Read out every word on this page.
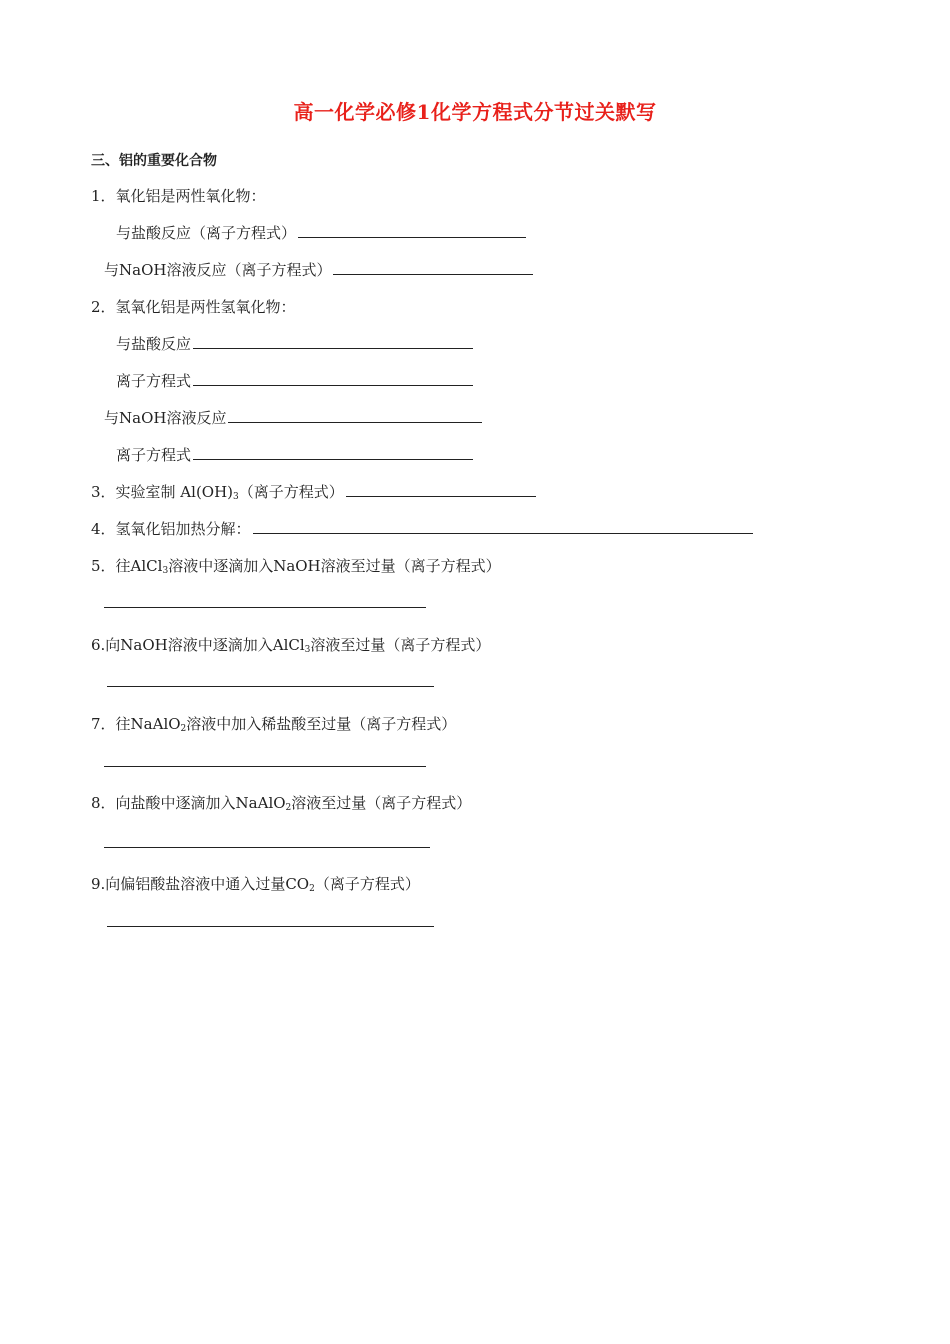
高一化学必修1化学方程式分节过关默写
三、铝的重要化合物
1．氧化铝是两性氧化物：
与盐酸反应（离子方程式）
与NaOH溶液反应（离子方程式）
2．氢氧化铝是两性氢氧化物：
与盐酸反应
离子方程式
与NaOH溶液反应
离子方程式
3．实验室制 $Al(OH)_3$（离子方程式）
4．氢氧化铝加热分解：
5．往AlCl$_3$溶液中逐滴加入NaOH溶液至过量（离子方程式）
6.向NaOH溶液中逐滴加入AlCl$_3$溶液至过量（离子方程式）
7．往NaAlO$_2$溶液中加入稀盐酸至过量（离子方程式）
8．向盐酸中逐滴加入NaAlO$_2$溶液至过量（离子方程式）
9.向偏铝酸盐溶液中通入过量$CO_2$（离子方程式）
